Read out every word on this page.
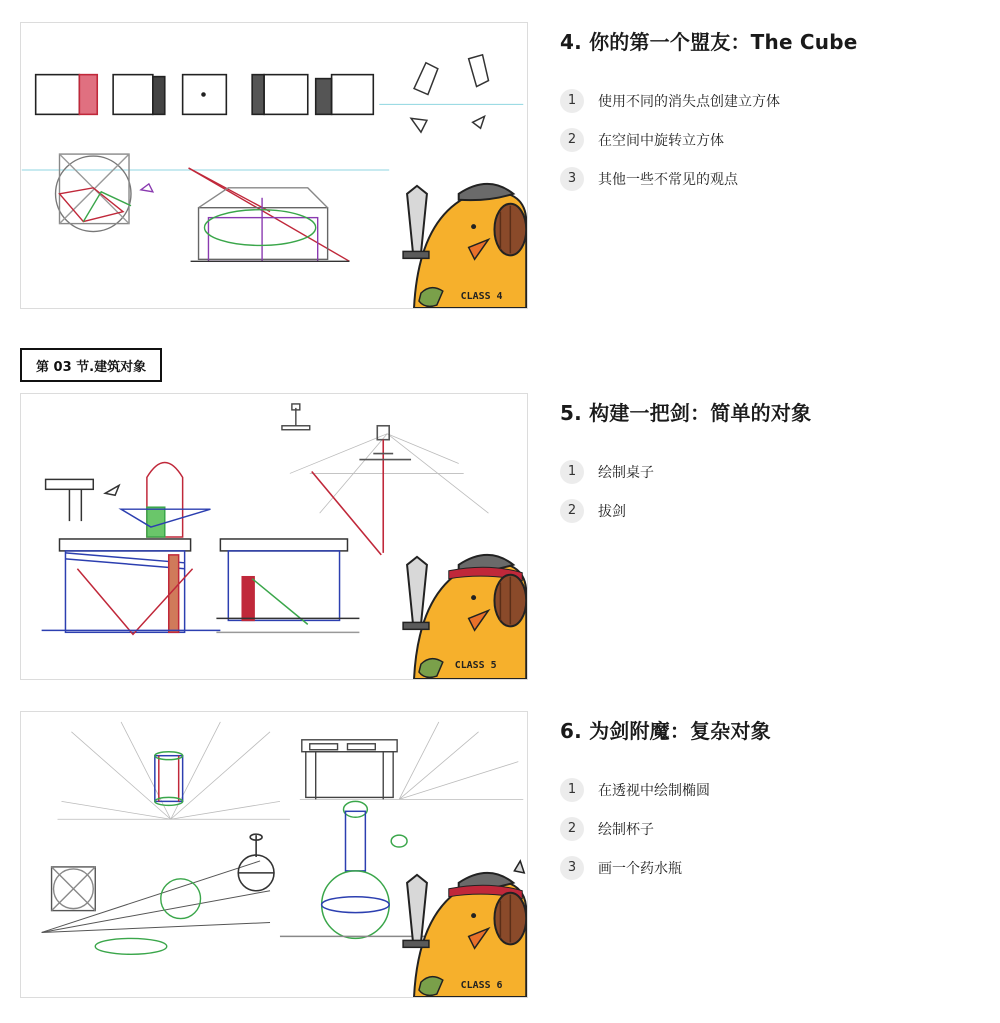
CLASS 4
4. 你的第一个盟友：The Cube
1	使用不同的消失点创建立方体
2	在空间中旋转立方体
3	其他一些不常见的观点
第 03 节.建筑对象
CLASS 5
5. 构建一把剑：简单的对象
1	绘制桌子
2	拔剑
CLASS 6
6. 为剑附魔：复杂对象
1	在透视中绘制椭圆
2	绘制杯子
3	画一个药水瓶
